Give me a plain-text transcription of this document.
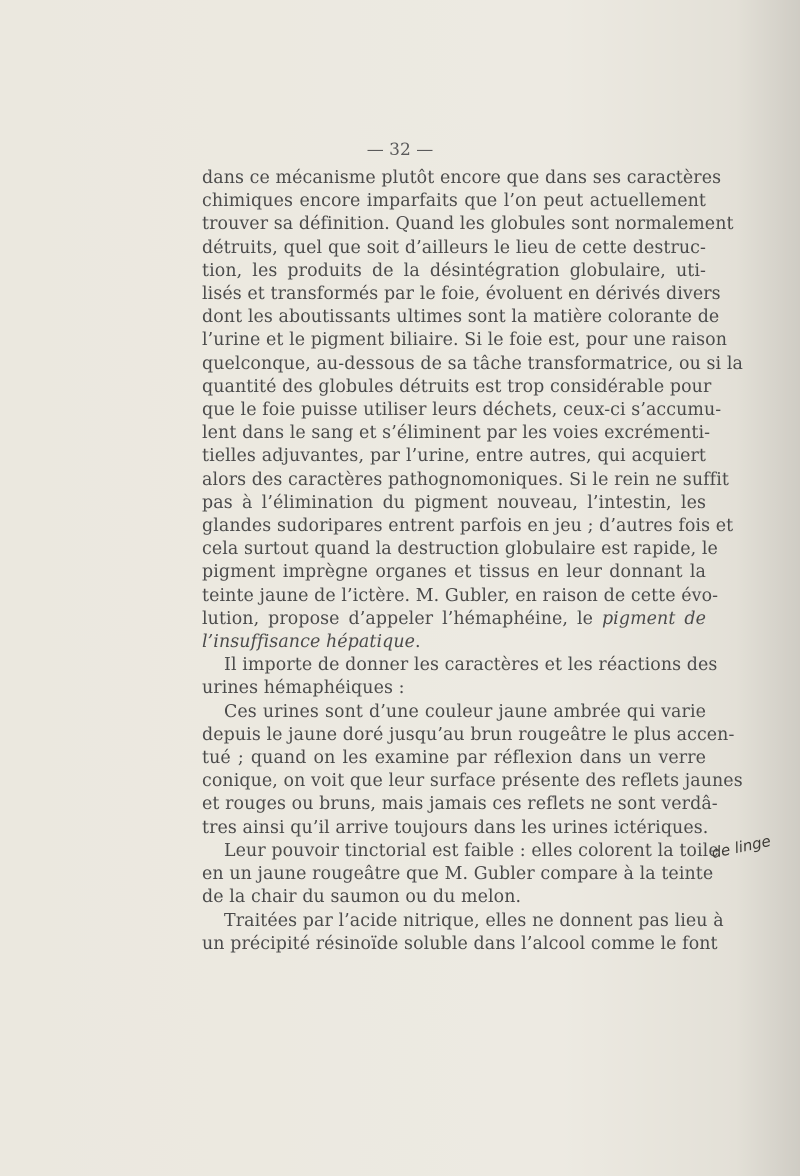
— 32 —
dans ce mécanisme plutôt encore que dans ses caractères
chimiques encore imparfaits que l’on peut actuellement
trouver sa définition. Quand les globules sont normalement
détruits, quel que soit d’ailleurs le lieu de cette destruc-
tion, les produits de la désintégration globulaire, uti-
lisés et transformés par le foie, évoluent en dérivés divers
dont les aboutissants ultimes sont la matière colorante de
l’urine et le pigment biliaire. Si le foie est, pour une raison
quelconque, au-dessous de sa tâche transformatrice, ou si la
quantité des globules détruits est trop considérable pour
que le foie puisse utiliser leurs déchets, ceux-ci s’accumu-
lent dans le sang et s’éliminent par les voies excrémenti-
tielles adjuvantes, par l’urine, entre autres, qui acquiert
alors des caractères pathognomoniques. Si le rein ne suffit
pas à l’élimination du pigment nouveau, l’intestin, les
glandes sudoripares entrent parfois en jeu ; d’autres fois et
cela surtout quand la destruction globulaire est rapide, le
pigment imprègne organes et tissus en leur donnant la
teinte jaune de l’ictère. M. Gubler, en raison de cette évo-
lution, propose d’appeler l’hémaphéine, le pigment de
l’insuffisance hépatique.
Il importe de donner les caractères et les réactions des
urines hémaphéiques :
Ces urines sont d’une couleur jaune ambrée qui varie
depuis le jaune doré jusqu’au brun rougeâtre le plus accen-
tué ; quand on les examine par réflexion dans un verre
conique, on voit que leur surface présente des reflets jaunes
et rouges ou bruns, mais jamais ces reflets ne sont verdâ-
tres ainsi qu’il arrive toujours dans les urines ictériques.
Leur pouvoir tinctorial est faible : elles colorent la toile
en un jaune rougeâtre que M. Gubler compare à la teinte
de la chair du saumon ou du melon.
Traitées par l’acide nitrique, elles ne donnent pas lieu à
un précipité résinoïde soluble dans l’alcool comme le font
de linge
